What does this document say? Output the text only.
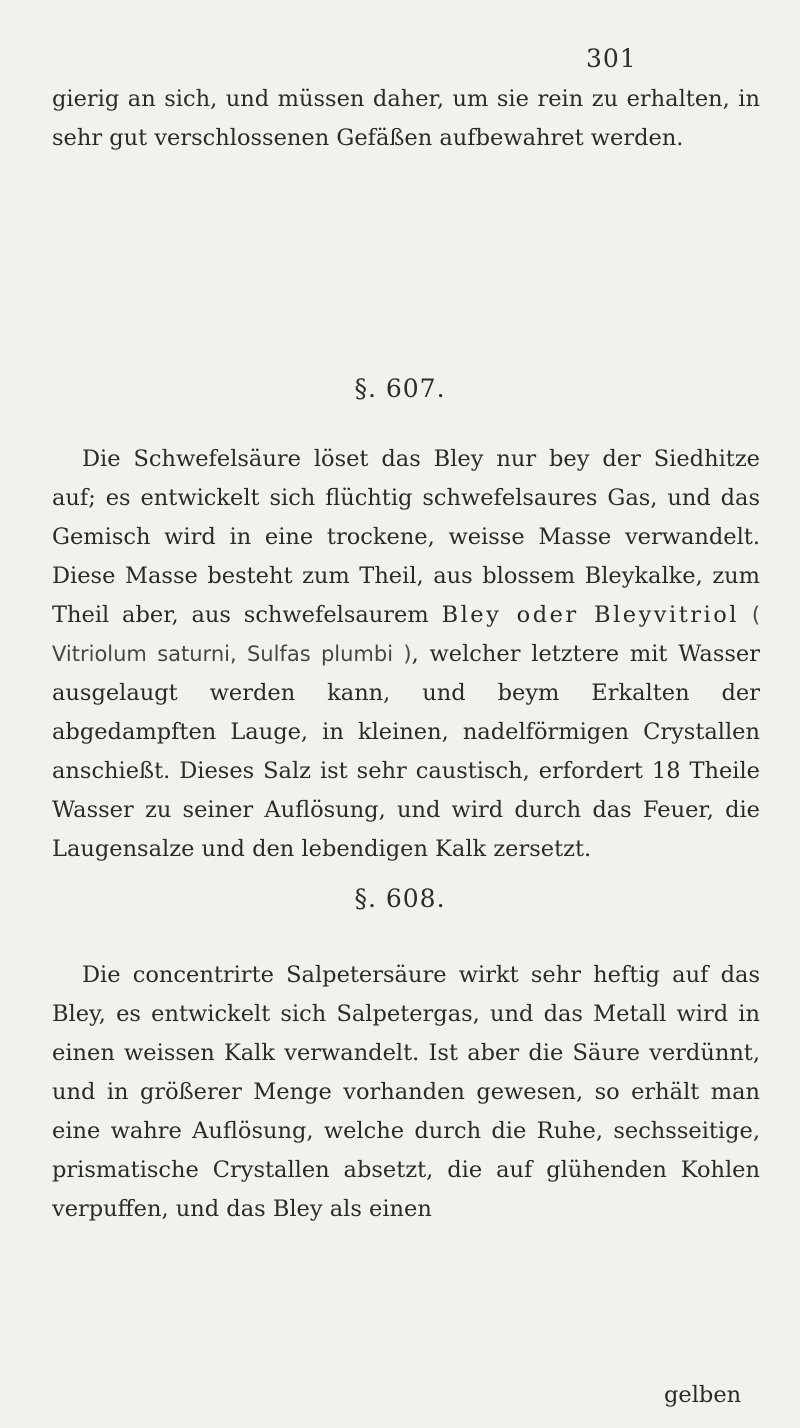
301

gierig an sich, und müssen daher, um sie rein zu erhalten, in sehr gut verschlossenen Gefäßen aufbewahret werden.

§. 607.

Die Schwefelsäure löset das Bley nur bey der Siedhitze auf; es entwickelt sich flüchtig schwefelsaures Gas, und das Gemisch wird in eine trockene, weisse Masse verwandelt. Diese Masse besteht zum Theil, aus blossem Bleykalke, zum Theil aber, aus schwefelsaurem Bley oder Bleyvitriol ( Vitriolum saturni, Sulfas plumbi ), welcher letztere mit Wasser ausgelaugt werden kann, und beym Erkalten der abgedampften Lauge, in kleinen, nadelförmigen Crystallen anschießt. Dieses Salz ist sehr caustisch, erfordert 18 Theile Wasser zu seiner Auflösung, und wird durch das Feuer, die Laugensalze und den lebendigen Kalk zersetzt.

§. 608.

Die concentrirte Salpetersäure wirkt sehr heftig auf das Bley, es entwickelt sich Salpetergas, und das Metall wird in einen weissen Kalk verwandelt. Ist aber die Säure verdünnt, und in größerer Menge vorhanden gewesen, so erhält man eine wahre Auflösung, welche durch die Ruhe, sechsseitige, prismatische Crystallen absetzt, die auf glühenden Kohlen verpuffen, und das Bley als einen

gelben
